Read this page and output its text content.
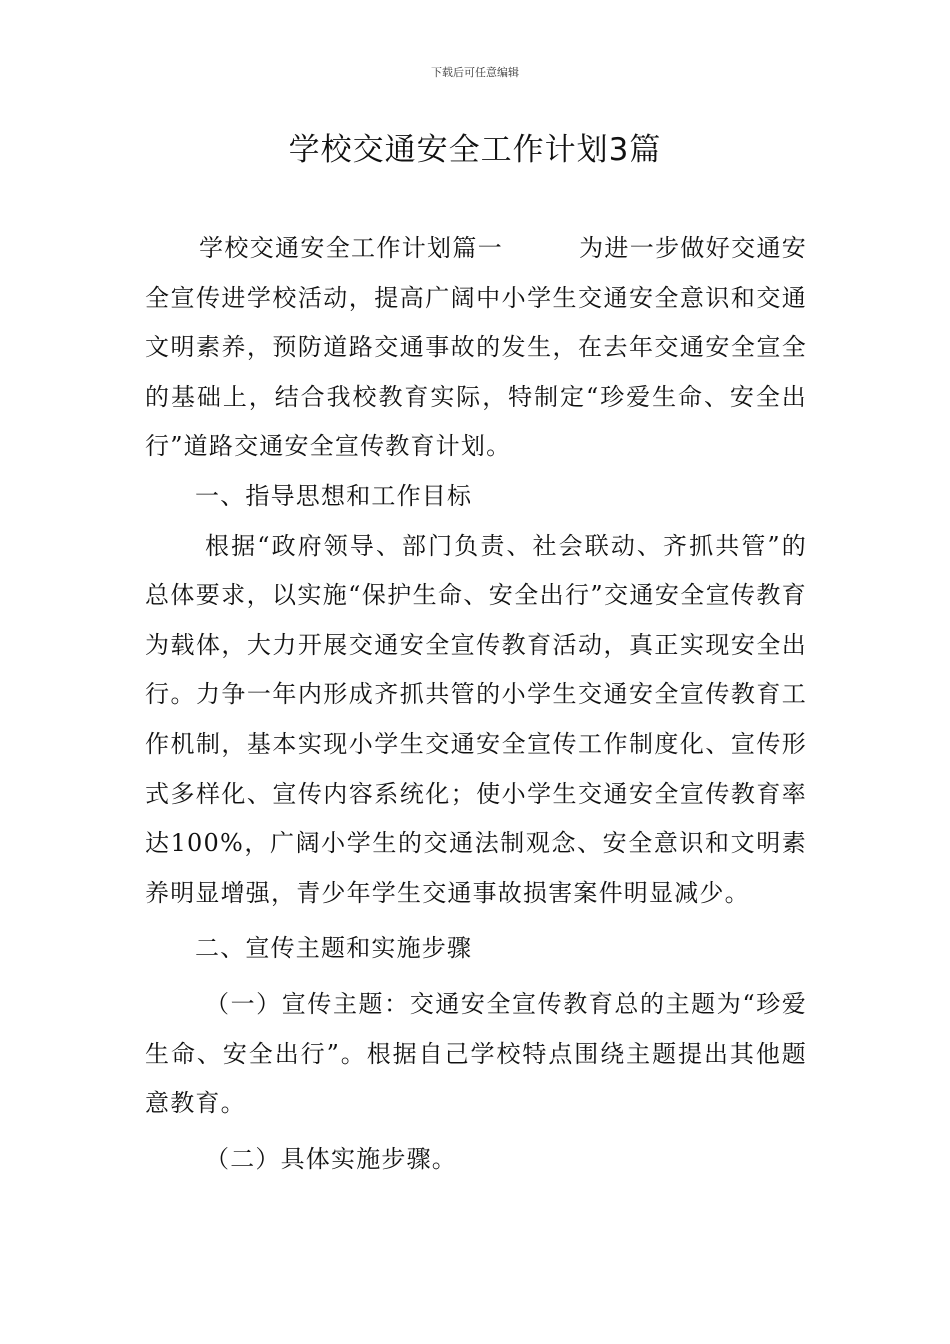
下载后可任意编辑
学校交通安全工作计划3篇

学校交通安全工作计划篇一　　　为进一步做好交通安全宣传进学校活动，提高广阔中小学生交通安全意识和交通文明素养，预防道路交通事故的发生，在去年交通安全宣全的基础上，结合我校教育实际，特制定“珍爱生命、安全出行”道路交通安全宣传教育计划。

一、指导思想和工作目标

根据“政府领导、部门负责、社会联动、齐抓共管”的总体要求，以实施“保护生命、安全出行”交通安全宣传教育为载体，大力开展交通安全宣传教育活动，真正实现安全出行。力争一年内形成齐抓共管的小学生交通安全宣传教育工作机制，基本实现小学生交通安全宣传工作制度化、宣传形式多样化、宣传内容系统化；使小学生交通安全宣传教育率达100%，广阔小学生的交通法制观念、安全意识和文明素养明显增强，青少年学生交通事故损害案件明显减少。

二、宣传主题和实施步骤

（一）宣传主题：交通安全宣传教育总的主题为“珍爱生命、安全出行”。根据自己学校特点围绕主题提出其他题意教育。

（二）具体实施步骤。
